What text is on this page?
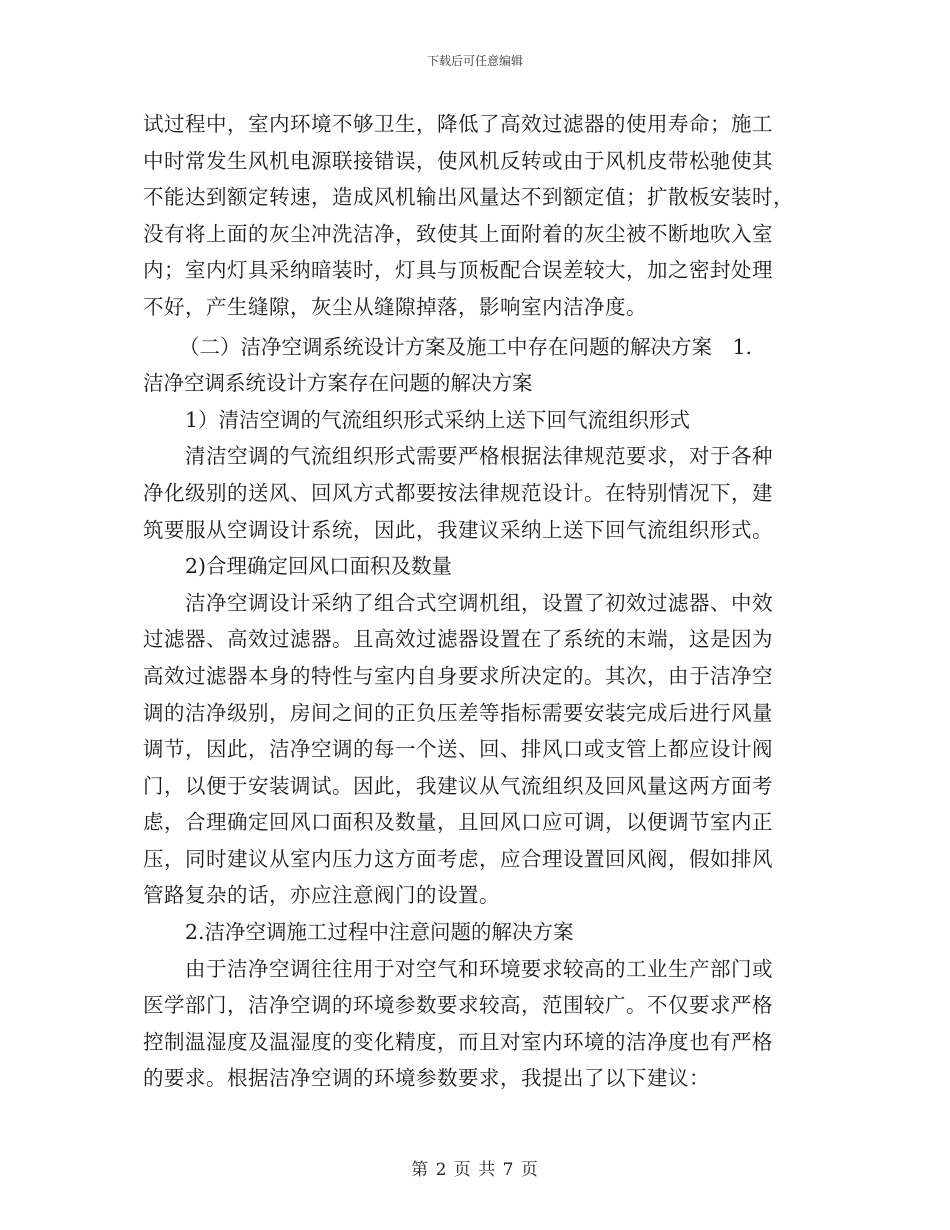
下载后可任意编辑
试过程中，室内环境不够卫生，降低了高效过滤器的使用寿命；施工
中时常发生风机电源联接错误，使风机反转或由于风机皮带松驰使其
不能达到额定转速，造成风机输出风量达不到额定值；扩散板安装时，
没有将上面的灰尘冲洗洁净，致使其上面附着的灰尘被不断地吹入室
内；室内灯具采纳暗装时，灯具与顶板配合误差较大，加之密封处理
不好，产生缝隙，灰尘从缝隙掉落，影响室内洁净度。
（二）洁净空调系统设计方案及施工中存在问题的解决方案　1.
洁净空调系统设计方案存在问题的解决方案
1）清洁空调的气流组织形式采纳上送下回气流组织形式
清洁空调的气流组织形式需要严格根据法律规范要求，对于各种
净化级别的送风、回风方式都要按法律规范设计。在特别情况下，建
筑要服从空调设计系统，因此，我建议采纳上送下回气流组织形式。
2)合理确定回风口面积及数量
洁净空调设计采纳了组合式空调机组，设置了初效过滤器、中效
过滤器、高效过滤器。且高效过滤器设置在了系统的末端，这是因为
高效过滤器本身的特性与室内自身要求所决定的。其次，由于洁净空
调的洁净级别，房间之间的正负压差等指标需要安装完成后进行风量
调节，因此，洁净空调的每一个送、回、排风口或支管上都应设计阀
门，以便于安装调试。因此，我建议从气流组织及回风量这两方面考
虑，合理确定回风口面积及数量，且回风口应可调，以便调节室内正
压，同时建议从室内压力这方面考虑，应合理设置回风阀，假如排风
管路复杂的话，亦应注意阀门的设置。
2.洁净空调施工过程中注意问题的解决方案
由于洁净空调往往用于对空气和环境要求较高的工业生产部门或
医学部门，洁净空调的环境参数要求较高，范围较广。不仅要求严格
控制温湿度及温湿度的变化精度，而且对室内环境的洁净度也有严格
的要求。根据洁净空调的环境参数要求，我提出了以下建议：
第 2 页 共 7 页
